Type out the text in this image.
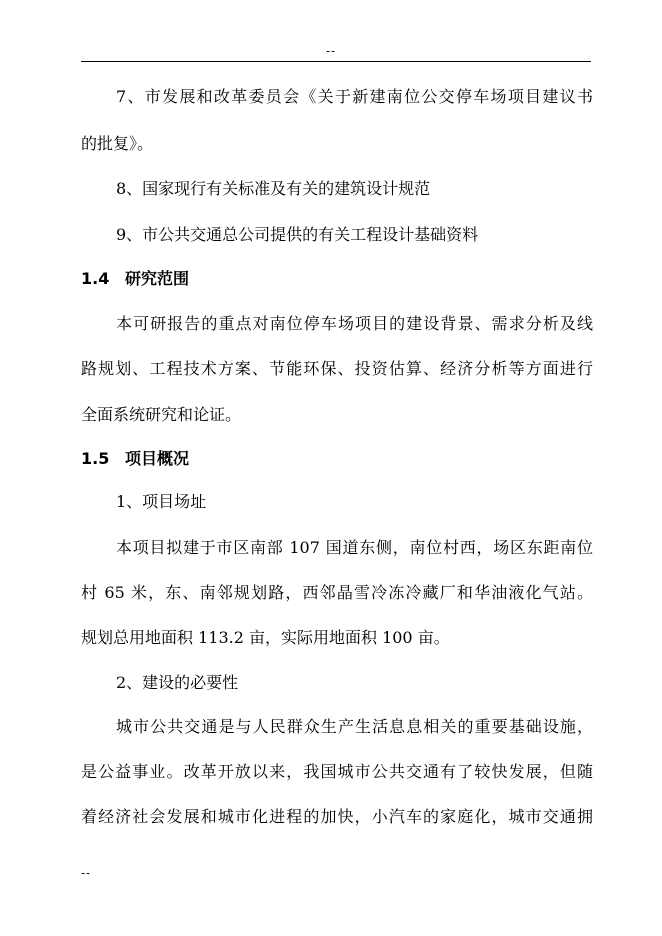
--
7、市发展和改革委员会《关于新建南位公交停车场项目建议书
的批复》。
8、国家现行有关标准及有关的建筑设计规范
9、市公共交通总公司提供的有关工程设计基础资料
1.4 研究范围
本可研报告的重点对南位停车场项目的建设背景、需求分析及线
路规划、工程技术方案、节能环保、投资估算、经济分析等方面进行
全面系统研究和论证。
1.5 项目概况
1、项目场址
本项目拟建于市区南部 107 国道东侧，南位村西，场区东距南位
村 65 米，东、南邻规划路，西邻晶雪冷冻冷藏厂和华油液化气站。
规划总用地面积 113.2 亩，实际用地面积 100 亩。
2、建设的必要性
城市公共交通是与人民群众生产生活息息相关的重要基础设施，
是公益事业。改革开放以来，我国城市公共交通有了较快发展，但随
着经济社会发展和城市化进程的加快，小汽车的家庭化，城市交通拥
--
